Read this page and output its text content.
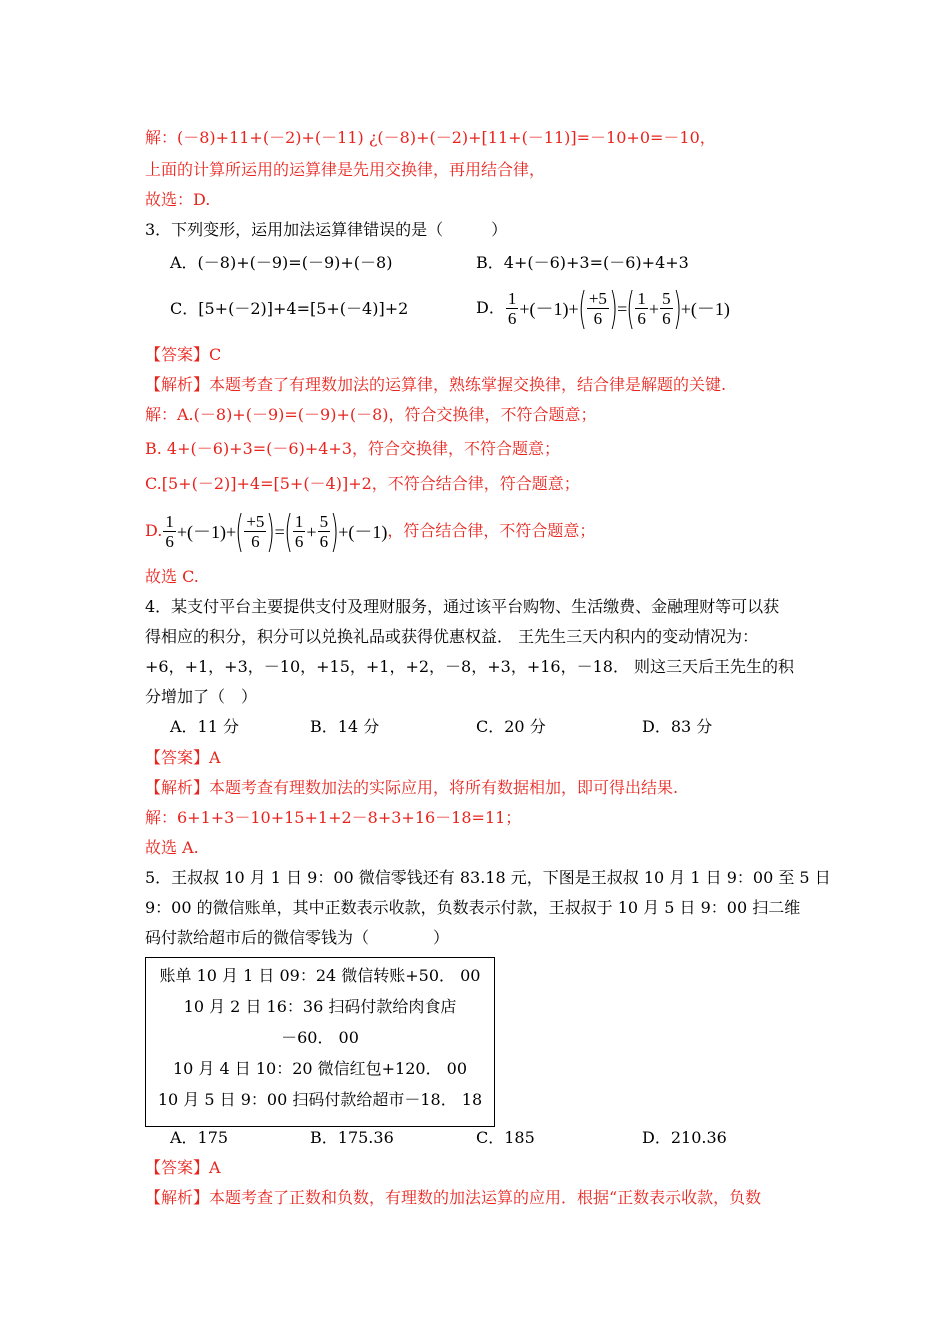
解：(－8)+11+(－2)+(－11) ¿(－8)+(－2)+[11+(－11)]=－10+0=－10，
上面的计算所运用的运算律是先用交换律，再用结合律，
故选：D.
3．下列变形，运用加法运算律错误的是（　　　）
A．(－8)+(－9)=(－9)+(－8)	B．4+(－6)+3=(－6)+4+3
C．[5+(－2)]+4=[5+(－4)]+2	D． $\frac{1}{6} +(-1)+$ ( $\frac{+5}{6}$ ) = ( $\frac{1}{6} + \frac{5}{6}$ ) +(－1)
【答案】C
【解析】本题考查了有理数加法的运算律，熟练掌握交换律，结合律是解题的关键.
解：A.(－8)+(－9)=(－9)+(－8)，符合交换律，不符合题意；
B. 4+(－6)+3=(－6)+4+3，符合交换律，不符合题意；
C.[5+(－2)]+4=[5+(－4)]+2，不符合结合律，符合题意；
D. $\frac{1}{6} +(-1)+$ ( $\frac{+5}{6}$ ) = ( $\frac{1}{6} + \frac{5}{6}$ ) +(－1) ，符合结合律，不符合题意；
故选 C.
4．某支付平台主要提供支付及理财服务，通过该平台购物、生活缴费、金融理财等可以获
得相应的积分，积分可以兑换礼品或获得优惠权益． 王先生三天内积内的变动情况为：
+6，+1，+3，－10，+15，+1，+2，－8，+3，+16，－18． 则这三天后王先生的积
分增加了（　）
A．11 分	B．14 分	C．20 分	D．83 分
【答案】A
【解析】本题考查有理数加法的实际应用，将所有数据相加，即可得出结果.
解：6+1+3－10+15+1+2－8+3+16－18=11；
故选 A.
5．王叔叔 10 月 1 日 9：00 微信零钱还有 83.18 元，下图是王叔叔 10 月 1 日 9：00 至 5 日
9：00 的微信账单，其中正数表示收款，负数表示付款，王叔叔于 10 月 5 日 9：00 扫二维
码付款给超市后的微信零钱为（　　　　）
账单 10 月 1 日 09：24 微信转账+50． 00
10 月 2 日 16：36 扫码付款给肉食店
－60． 00
10 月 4 日 10：20 微信红包+120． 00
10 月 5 日 9：00 扫码付款给超市－18． 18
A．175	B．175.36	C．185	D．210.36
【答案】A
【解析】本题考查了正数和负数，有理数的加法运算的应用．根据“正数表示收款，负数
